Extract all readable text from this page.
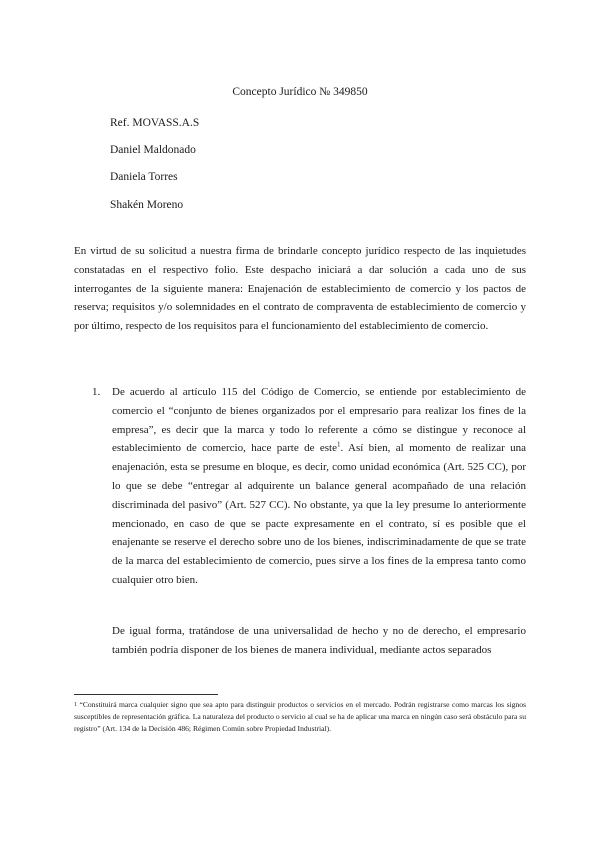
Concepto Jurídico № 349850
Ref. MOVASS.A.S
Daniel Maldonado
Daniela Torres
Shakén Moreno

En virtud de su solicitud a nuestra firma de brindarle concepto jurídico respecto de las inquietudes constatadas en el respectivo folio. Este despacho iniciará a dar solución a cada uno de sus interrogantes de la siguiente manera: Enajenación de establecimiento de comercio y los pactos de reserva; requisitos y/o solemnidades en el contrato de compraventa de establecimiento de comercio y por último, respecto de los requisitos para el funcionamiento del establecimiento de comercio.

1. De acuerdo al artículo 115 del Código de Comercio, se entiende por establecimiento de comercio el “conjunto de bienes organizados por el empresario para realizar los fines de la empresa”, es decir que la marca y todo lo referente a cómo se distingue y reconoce al establecimiento de comercio, hace parte de este$^1$. Así bien, al momento de realizar una enajenación, esta se presume en bloque, es decir, como unidad económica (Art. 525 CC), por lo que se debe “entregar al adquirente un balance general acompañado de una relación discriminada del pasivo” (Art. 527 CC). No obstante, ya que la ley presume lo anteriormente mencionado, en caso de que se pacte expresamente en el contrato, sí es posible que el enajenante se reserve el derecho sobre uno de los bienes, indiscriminadamente de que se trate de la marca del establecimiento de comercio, pues sirve a los fines de la empresa tanto como cualquier otro bien.

De igual forma, tratándose de una universalidad de hecho y no de derecho, el empresario también podría disponer de los bienes de manera individual, mediante actos separados

$^1$ “Constituirá marca cualquier signo que sea apto para distinguir productos o servicios en el mercado. Podrán registrarse como marcas los signos susceptibles de representación gráfica. La naturaleza del producto o servicio al cual se ha de aplicar una marca en ningún caso será obstáculo para su registro” (Art. 134 de la Decisión 486; Régimen Común sobre Propiedad Industrial).
